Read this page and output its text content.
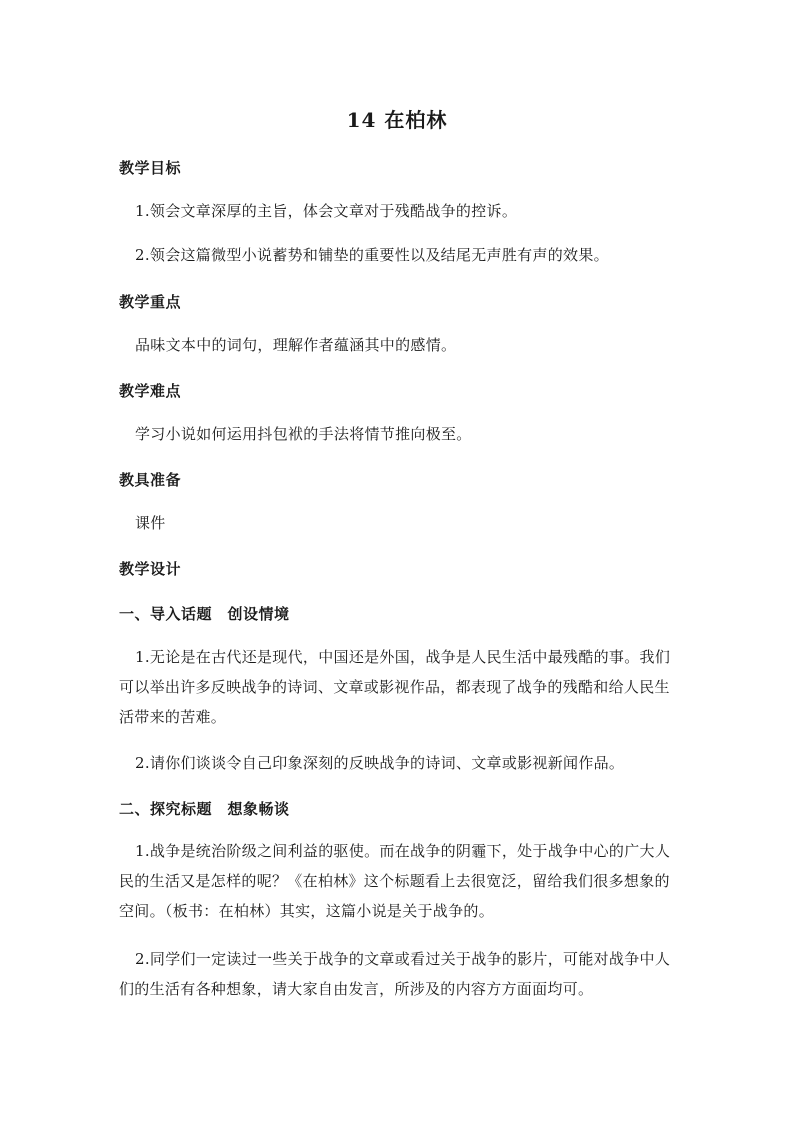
14 在柏林
教学目标

1.领会文章深厚的主旨，体会文章对于残酷战争的控诉。

2.领会这篇微型小说蓄势和铺垫的重要性以及结尾无声胜有声的效果。

教学重点

品味文本中的词句，理解作者蕴涵其中的感情。

教学难点

学习小说如何运用抖包袱的手法将情节推向极至。

教具准备

课件

教学设计
一、导入话题　创设情境

1.无论是在古代还是现代，中国还是外国，战争是人民生活中最残酷的事。我们可以举出许多反映战争的诗词、文章或影视作品，都表现了战争的残酷和给人民生活带来的苦难。

2.请你们谈谈令自己印象深刻的反映战争的诗词、文章或影视新闻作品。

二、探究标题　想象畅谈

1.战争是统治阶级之间利益的驱使。而在战争的阴霾下，处于战争中心的广大人民的生活又是怎样的呢？《在柏林》这个标题看上去很宽泛，留给我们很多想象的空间。（板书：在柏林）其实，这篇小说是关于战争的。

2.同学们一定读过一些关于战争的文章或看过关于战争的影片，可能对战争中人们的生活有各种想象，请大家自由发言，所涉及的内容方方面面均可。
